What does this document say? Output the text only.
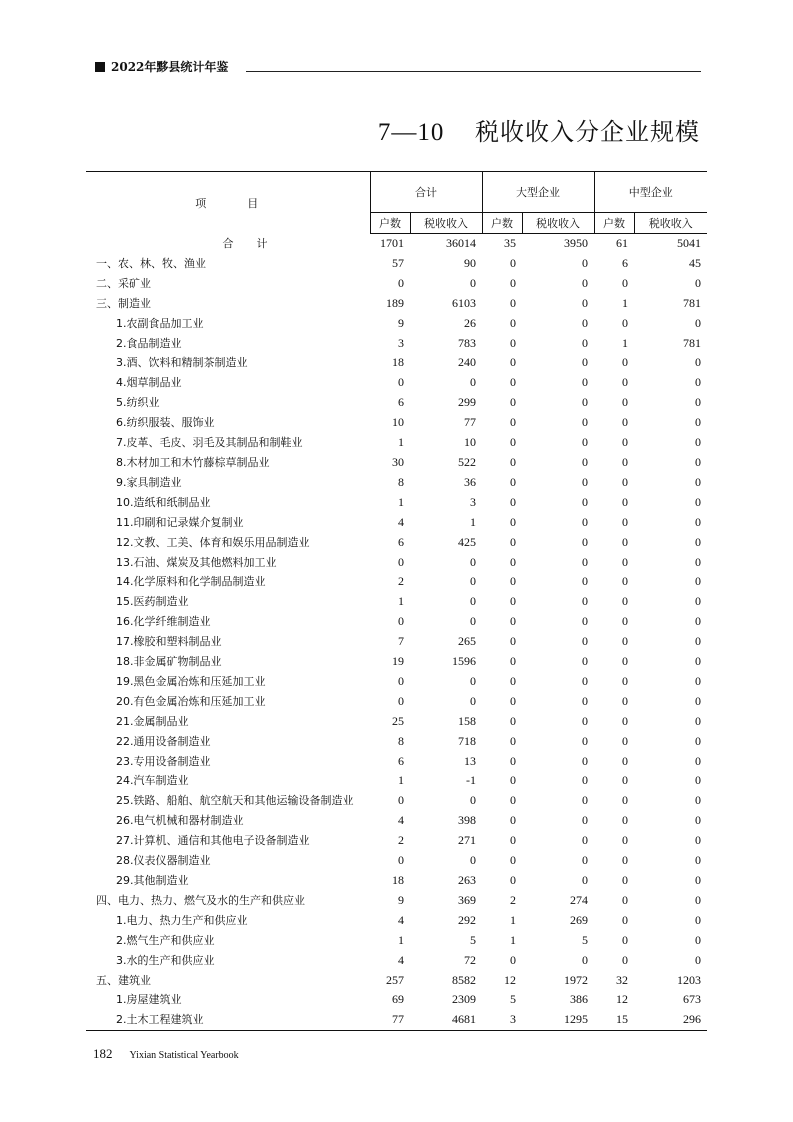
2022年黟县统计年鉴
7—10 税收收入分企业规模
项　　　目	合计		大型企业		中型企业	
	户数	税收收入	户数	税收收入	户数	税收收入
合　计	1701	36014	35	3950	61	5041
一、农、林、牧、渔业	57	90	0	0	6	45
二、采矿业	0	0	0	0	0	0
三、制造业	189	6103	0	0	1	781
1.农副食品加工业	9	26	0	0	0	0
2.食品制造业	3	783	0	0	1	781
3.酒、饮料和精制茶制造业	18	240	0	0	0	0
4.烟草制品业	0	0	0	0	0	0
5.纺织业	6	299	0	0	0	0
6.纺织服装、服饰业	10	77	0	0	0	0
7.皮革、毛皮、羽毛及其制品和制鞋业	1	10	0	0	0	0
8.木材加工和木竹藤棕草制品业	30	522	0	0	0	0
9.家具制造业	8	36	0	0	0	0
10.造纸和纸制品业	1	3	0	0	0	0
11.印刷和记录媒介复制业	4	1	0	0	0	0
12.文教、工美、体育和娱乐用品制造业	6	425	0	0	0	0
13.石油、煤炭及其他燃料加工业	0	0	0	0	0	0
14.化学原料和化学制品制造业	2	0	0	0	0	0
15.医药制造业	1	0	0	0	0	0
16.化学纤维制造业	0	0	0	0	0	0
17.橡胶和塑料制品业	7	265	0	0	0	0
18.非金属矿物制品业	19	1596	0	0	0	0
19.黑色金属冶炼和压延加工业	0	0	0	0	0	0
20.有色金属冶炼和压延加工业	0	0	0	0	0	0
21.金属制品业	25	158	0	0	0	0
22.通用设备制造业	8	718	0	0	0	0
23.专用设备制造业	6	13	0	0	0	0
24.汽车制造业	1	-1	0	0	0	0
25.铁路、船舶、航空航天和其他运输设备制造业	0	0	0	0	0	0
26.电气机械和器材制造业	4	398	0	0	0	0
27.计算机、通信和其他电子设备制造业	2	271	0	0	0	0
28.仪表仪器制造业	0	0	0	0	0	0
29.其他制造业	18	263	0	0	0	0
四、电力、热力、燃气及水的生产和供应业	9	369	2	274	0	0
1.电力、热力生产和供应业	4	292	1	269	0	0
2.燃气生产和供应业	1	5	1	5	0	0
3.水的生产和供应业	4	72	0	0	0	0
五、建筑业	257	8582	12	1972	32	1203
1.房屋建筑业	69	2309	5	386	12	673
2.土木工程建筑业	77	4681	3	1295	15	296
182 Yixian Statistical Yearbook
